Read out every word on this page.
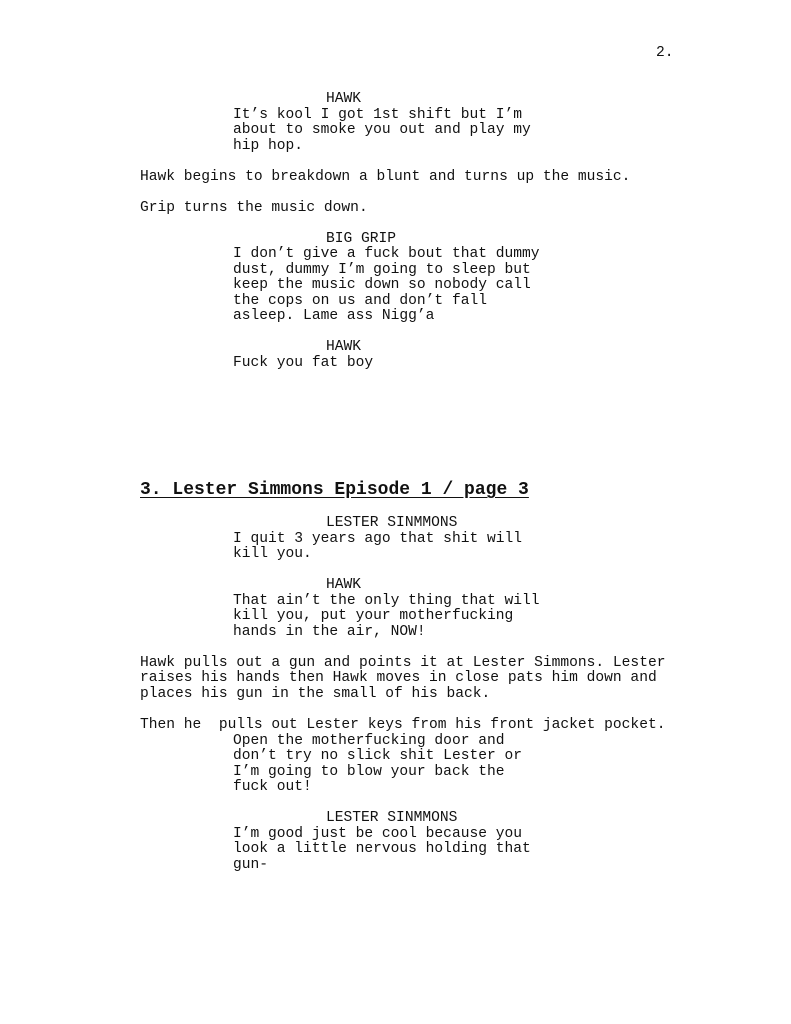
2.
HAWK
It’s kool I got 1st shift but I’m
about to smoke you out and play my
hip hop.
Hawk begins to breakdown a blunt and turns up the music.
Grip turns the music down.
BIG GRIP
I don’t give a fuck bout that dummy
dust, dummy I’m going to sleep but
keep the music down so nobody call
the cops on us and don’t fall
asleep. Lame ass Nigg’a
HAWK
Fuck you fat boy
3. Lester Simmons Episode 1 / page 3
LESTER SINMMONS
I quit 3 years ago that shit will
kill you.
HAWK
That ain’t the only thing that will
kill you, put your motherfucking
hands in the air, NOW!
Hawk pulls out a gun and points it at Lester Simmons. Lester
raises his hands then Hawk moves in close pats him down and
places his gun in the small of his back.
Then he  pulls out Lester keys from his front jacket pocket.
Open the motherfucking door and
don’t try no slick shit Lester or
I’m going to blow your back the
fuck out!
LESTER SINMMONS
I’m good just be cool because you
look a little nervous holding that
gun-
